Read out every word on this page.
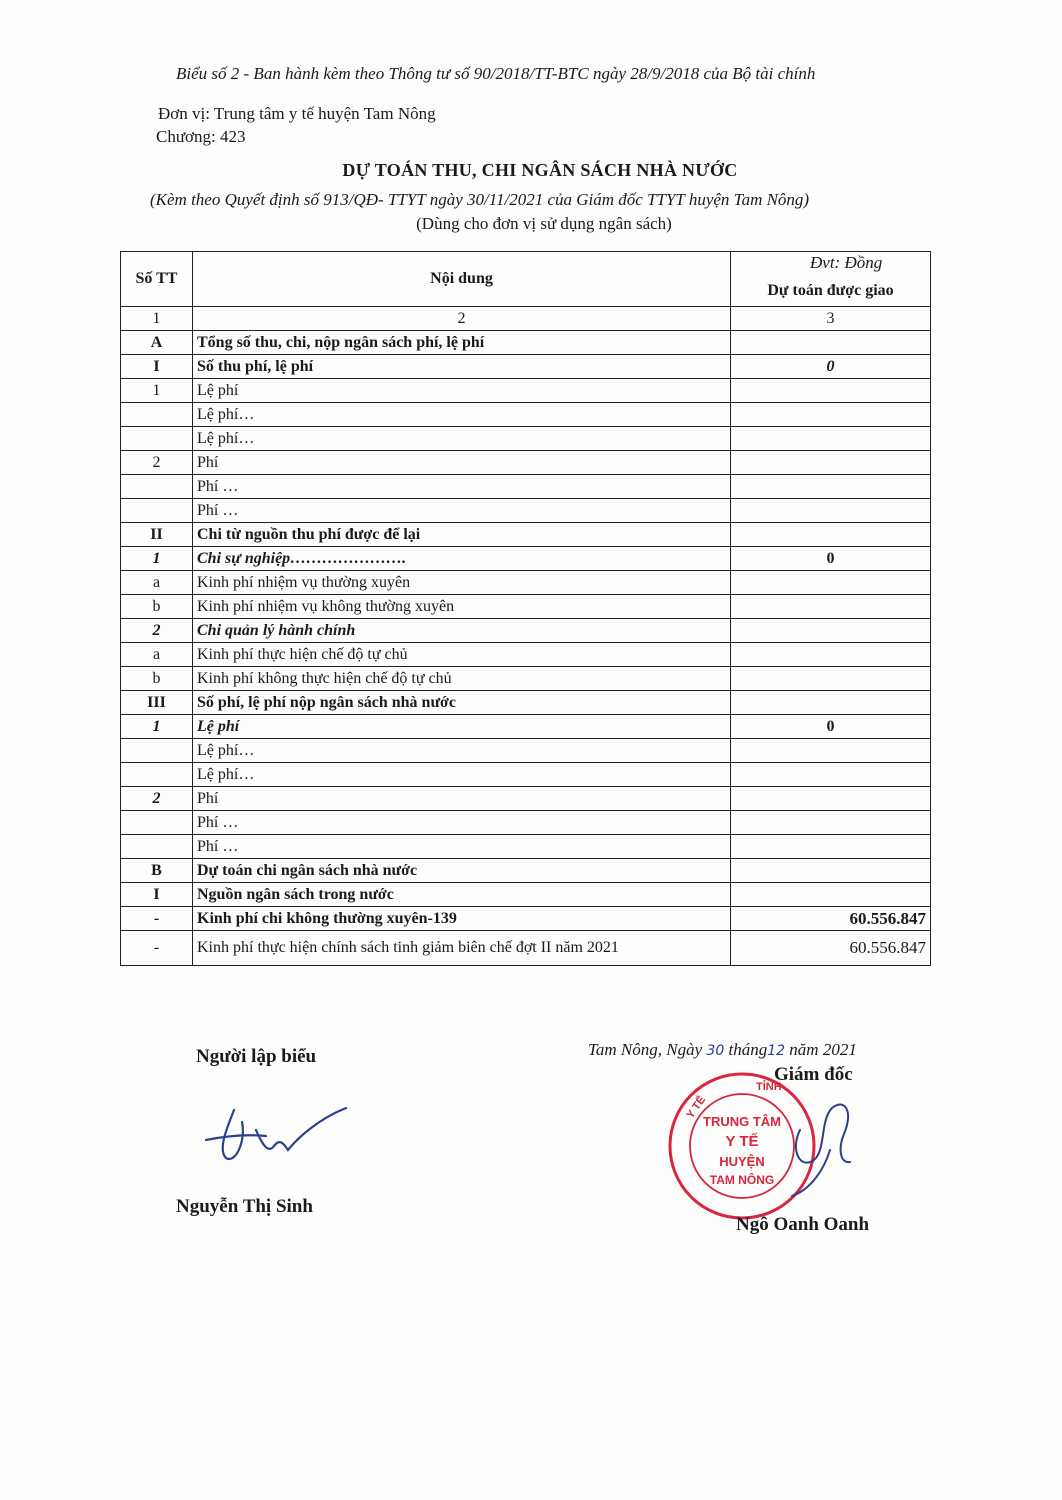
Biểu số 2 - Ban hành kèm theo Thông tư số 90/2018/TT-BTC ngày 28/9/2018 của Bộ tài chính
Đơn vị: Trung tâm y tế huyện Tam Nông
Chương: 423
DỰ TOÁN THU, CHI NGÂN SÁCH NHÀ NƯỚC
(Kèm theo Quyết định số 913/QĐ- TTYT ngày 30/11/2021 của Giám đốc TTYT huyện Tam Nông)
(Dùng cho đơn vị sử dụng ngân sách)
Đvt: Đồng
Số TT	Nội dung	Dự toán được giao
1	2	3
A	Tổng số thu, chi, nộp ngân sách phí, lệ phí	
I	Số thu phí, lệ phí	0
1	Lệ phí	
	Lệ phí…	
	Lệ phí…	
2	Phí	
	Phí …	
	Phí …	
II	Chi từ nguồn thu phí được để lại	
1	Chi sự nghiệp………………….	0
a	Kinh phí nhiệm vụ thường xuyên	
b	Kinh phí nhiệm vụ không thường xuyên	
2	Chi quản lý hành chính	
a	Kinh phí thực hiện chế độ tự chủ	
b	Kinh phí không thực hiện chế độ tự chủ	
III	Số phí, lệ phí nộp ngân sách nhà nước	
1	Lệ phí	0
	Lệ phí…	
	Lệ phí…	
2	Phí	
	Phí …	
	Phí …	
B	Dự toán chi ngân sách nhà nước	
I	Nguồn ngân sách trong nước	
-	Kinh phí chi không thường xuyên-139	60.556.847
-	Kinh phí thực hiện chính sách tinh giảm biên chế đợt II năm 2021	60.556.847
Tam Nông, Ngày 30 tháng12 năm 2021
Người lập biểu
Giám đốc
Nguyễn Thị Sinh
TỈNH
Y TẾ
TRUNG TÂM
Y TẾ
HUYỆN
TAM NÔNG
Ngô Oanh Oanh
